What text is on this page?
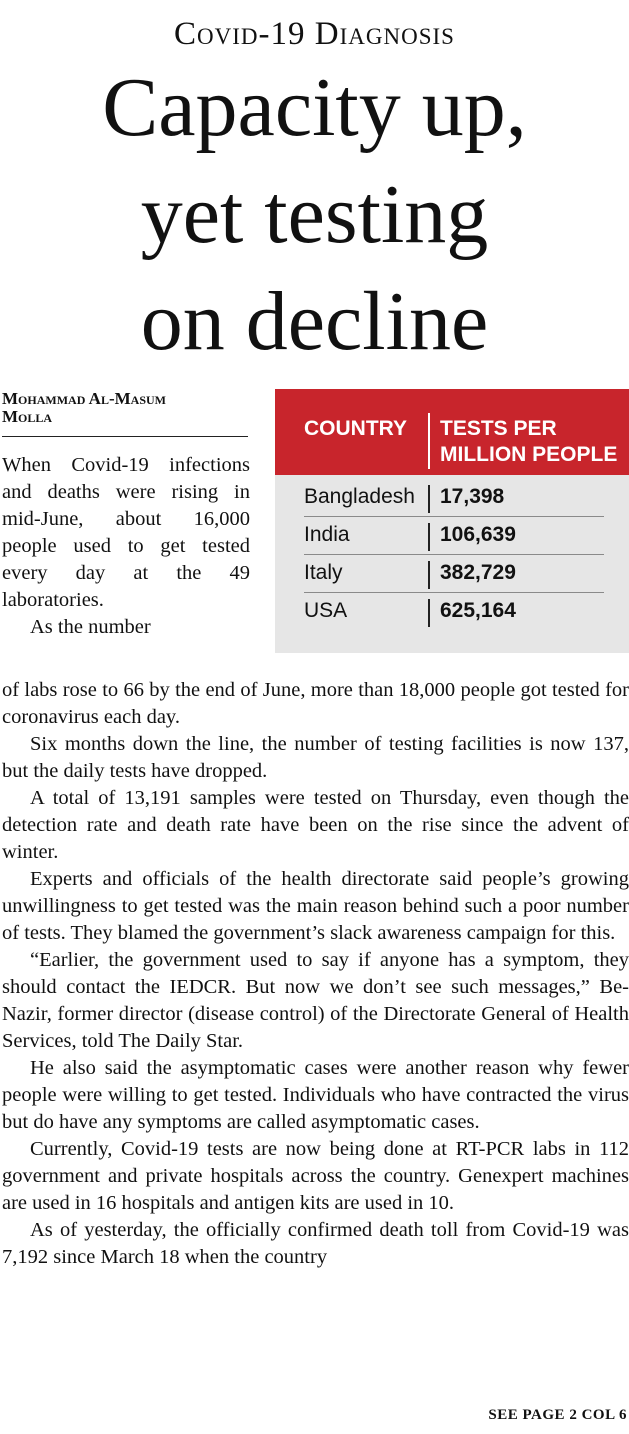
Covid-19 Diagnosis
Capacity up,
yet testing
on decline
Mohammad Al-Masum
Molla

When Covid-19 infections and deaths were rising in mid-June, about 16,000 people used to get tested every day at the 49 laboratories.

As the number

COUNTRY TESTS PER
MILLION PEOPLE
Bangladesh 17,398
India	106,639
Italy	382,729
USA	625,164

of labs rose to 66 by the end of June, more than 18,000 people got tested for coronavirus each day.

Six months down the line, the number of testing facilities is now 137, but the daily tests have dropped.

A total of 13,191 samples were tested on Thursday, even though the detection rate and death rate have been on the rise since the advent of winter.

Experts and officials of the health directorate said people’s growing unwillingness to get tested was the main reason behind such a poor number of tests. They blamed the government’s slack awareness campaign for this.

“Earlier, the government used to say if anyone has a symptom, they should contact the IEDCR. But now we don’t see such messages,” Be-Nazir, former director (disease control) of the Directorate General of Health Services, told The Daily Star.

He also said the asymptomatic cases were another reason why fewer people were willing to get tested. Individuals who have contracted the virus but do have any symptoms are called asymptomatic cases.

Currently, Covid-19 tests are now being done at RT-PCR labs in 112 government and private hospitals across the country. Genexpert machines are used in 16 hospitals and antigen kits are used in 10.

As of yesterday, the officially confirmed death toll from Covid-19 was 7,192 since March 18 when the country

SEE PAGE 2 COL 6
